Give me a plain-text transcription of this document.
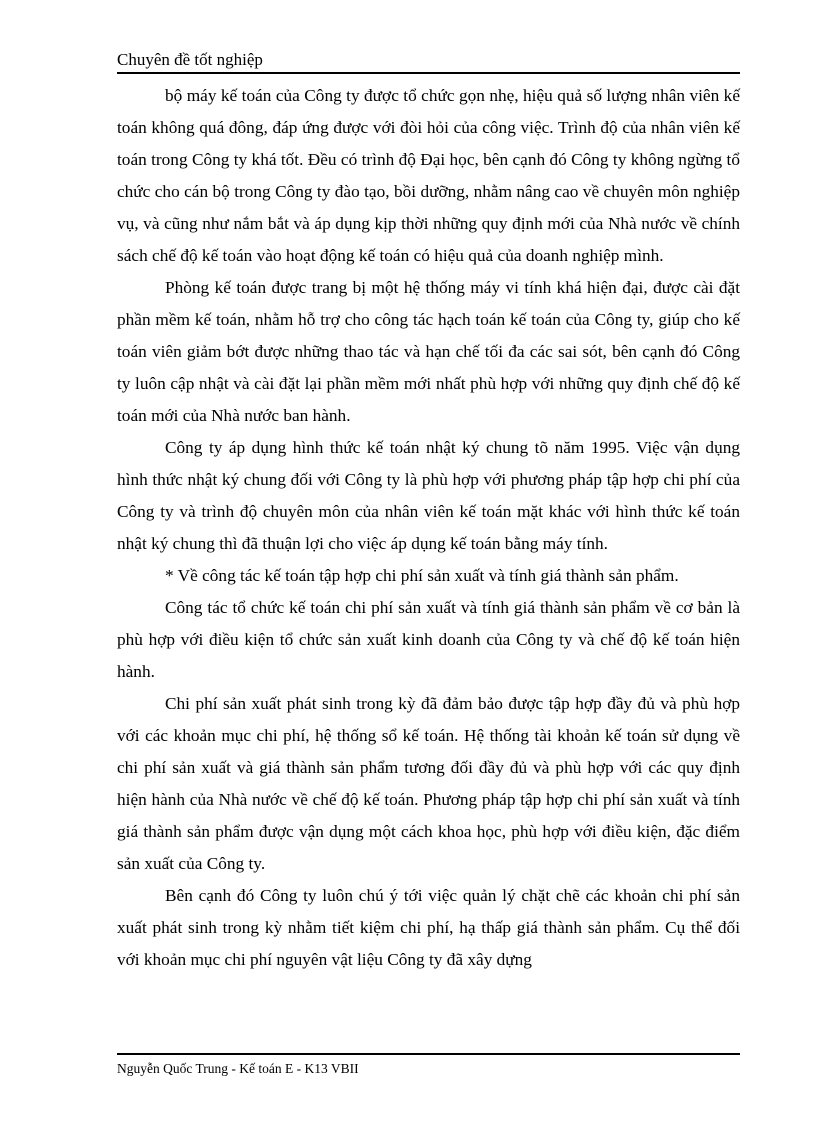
Chuyên đề tốt nghiệp

bộ máy kế toán của Công ty được tổ chức gọn nhẹ, hiệu quả số lượng nhân viên kế toán không quá đông, đáp ứng được với đòi hỏi của công việc. Trình độ của nhân viên kế toán trong Công ty khá tốt. Đều có trình độ Đại học, bên cạnh đó Công ty không ngừng tổ chức cho cán bộ trong Công ty đào tạo, bồi dưỡng, nhằm nâng cao về chuyên môn nghiệp vụ, và cũng như nắm bắt và áp dụng kịp thời những quy định mới của Nhà nước về chính sách chế độ kế toán vào hoạt động kế toán có hiệu quả của doanh nghiệp mình.

Phòng kế toán được trang bị một hệ thống máy vi tính khá hiện đại, được cài đặt phần mềm kế toán, nhằm hỗ trợ cho công tác hạch toán kế toán của Công ty, giúp cho kế toán viên giảm bớt được những thao tác và hạn chế tối đa các sai sót, bên cạnh đó Công ty luôn cập nhật và cài đặt lại phần mềm mới nhất phù hợp với những quy định chế độ kế toán mới của Nhà nước ban hành.

Công ty áp dụng hình thức kế toán nhật ký chung tõ năm 1995. Việc vận dụng hình thức nhật ký chung đối với Công ty là phù hợp với phương pháp tập hợp chi phí của Công ty và trình độ chuyên môn của nhân viên kế toán mặt khác với hình thức kế toán nhật ký chung thì đã thuận lợi cho việc áp dụng kế toán bằng máy tính.

* Về công tác kế toán tập hợp chi phí sản xuất và tính giá thành sản phẩm.

Công tác tổ chức kế toán chi phí sản xuất và tính giá thành sản phẩm về cơ bản là phù hợp với điều kiện tổ chức sản xuất kinh doanh của Công ty và chế độ kế toán hiện hành.

Chi phí sản xuất phát sinh trong kỳ đã đảm bảo được tập hợp đầy đủ và phù hợp với các khoản mục chi phí, hệ thống sổ kế toán. Hệ thống tài khoản kế toán sử dụng về chi phí sản xuất và giá thành sản phẩm tương đối đầy đủ và phù hợp với các quy định hiện hành của Nhà nước về chế độ kế toán. Phương pháp tập hợp chi phí sản xuất và tính giá thành sản phẩm được vận dụng một cách khoa học, phù hợp với điều kiện, đặc điểm sản xuất của Công ty.

Bên cạnh đó Công ty luôn chú ý tới việc quản lý chặt chẽ các khoản chi phí sản xuất phát sinh trong kỳ nhằm tiết kiệm chi phí, hạ thấp giá thành sản phẩm. Cụ thể đối với khoản mục chi phí nguyên vật liệu Công ty đã xây dựng

Nguyễn Quốc Trung - Kế toán E - K13 VBII
